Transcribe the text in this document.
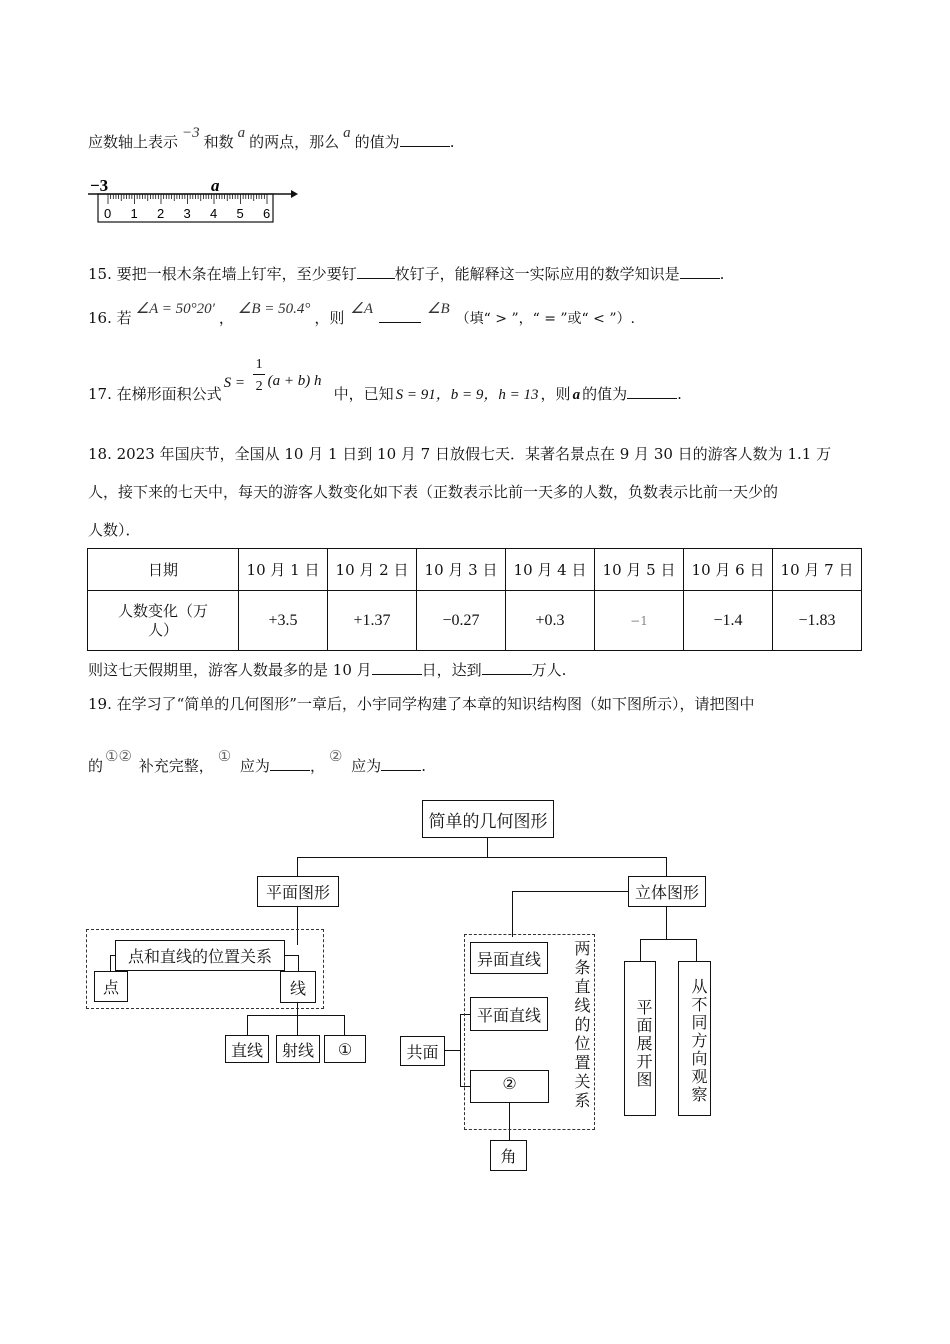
应数轴上表示 −3 和数 a 的两点，那么 a 的值为	.
−3	a
0 1 2 3 4 5 6
15. 要把一根木条在墙上钉牢，至少要钉	枚钉子，能解释这一实际应用的数学知识是	.
16. 若 ∠A = 50°20′ ， ∠B = 50.4° ，则 ∠A	∠B（填“ > ”，“ = ”或“ < ”）.
17. 在梯形面积公式
S =
1
2 (a + b) h
中，已知 S = 91，b = 9，h = 13 ，则 a 的值为	.
18. 2023 年国庆节，全国从 10 月 1 日到 10 月 7 日放假七天．某著名景点在 9 月 30 日的游客人数为 1.1 万
人，接下来的七天中，每天的游客人数变化如下表（正数表示比前一天多的人数，负数表示比前一天少的
人数）．
日期	10 月 1 日	10 月 2 日	10 月 3 日	10 月 4 日	10 月 5 日	10 月 6 日	10 月 7 日

人数变化（万人）	+3.5	+1.37	−0.27	+0.3	−1	−1.4	−1.83
则这七天假期里，游客人数最多的是 10 月	日，达到	万人.
19. 在学习了“简单的几何图形”一章后，小宇同学构建了本章的知识结构图（如下图所示），请把图中
的①② 补充完整，① 应为	，② 应为	.
简单的几何图形
平面图形	立体图形
点和直线的位置关系
点	线
直线	射线	①
异面直线
平面直线
共面
②
角
两条直线的位置关系	平面展开图	从不同方向观察
